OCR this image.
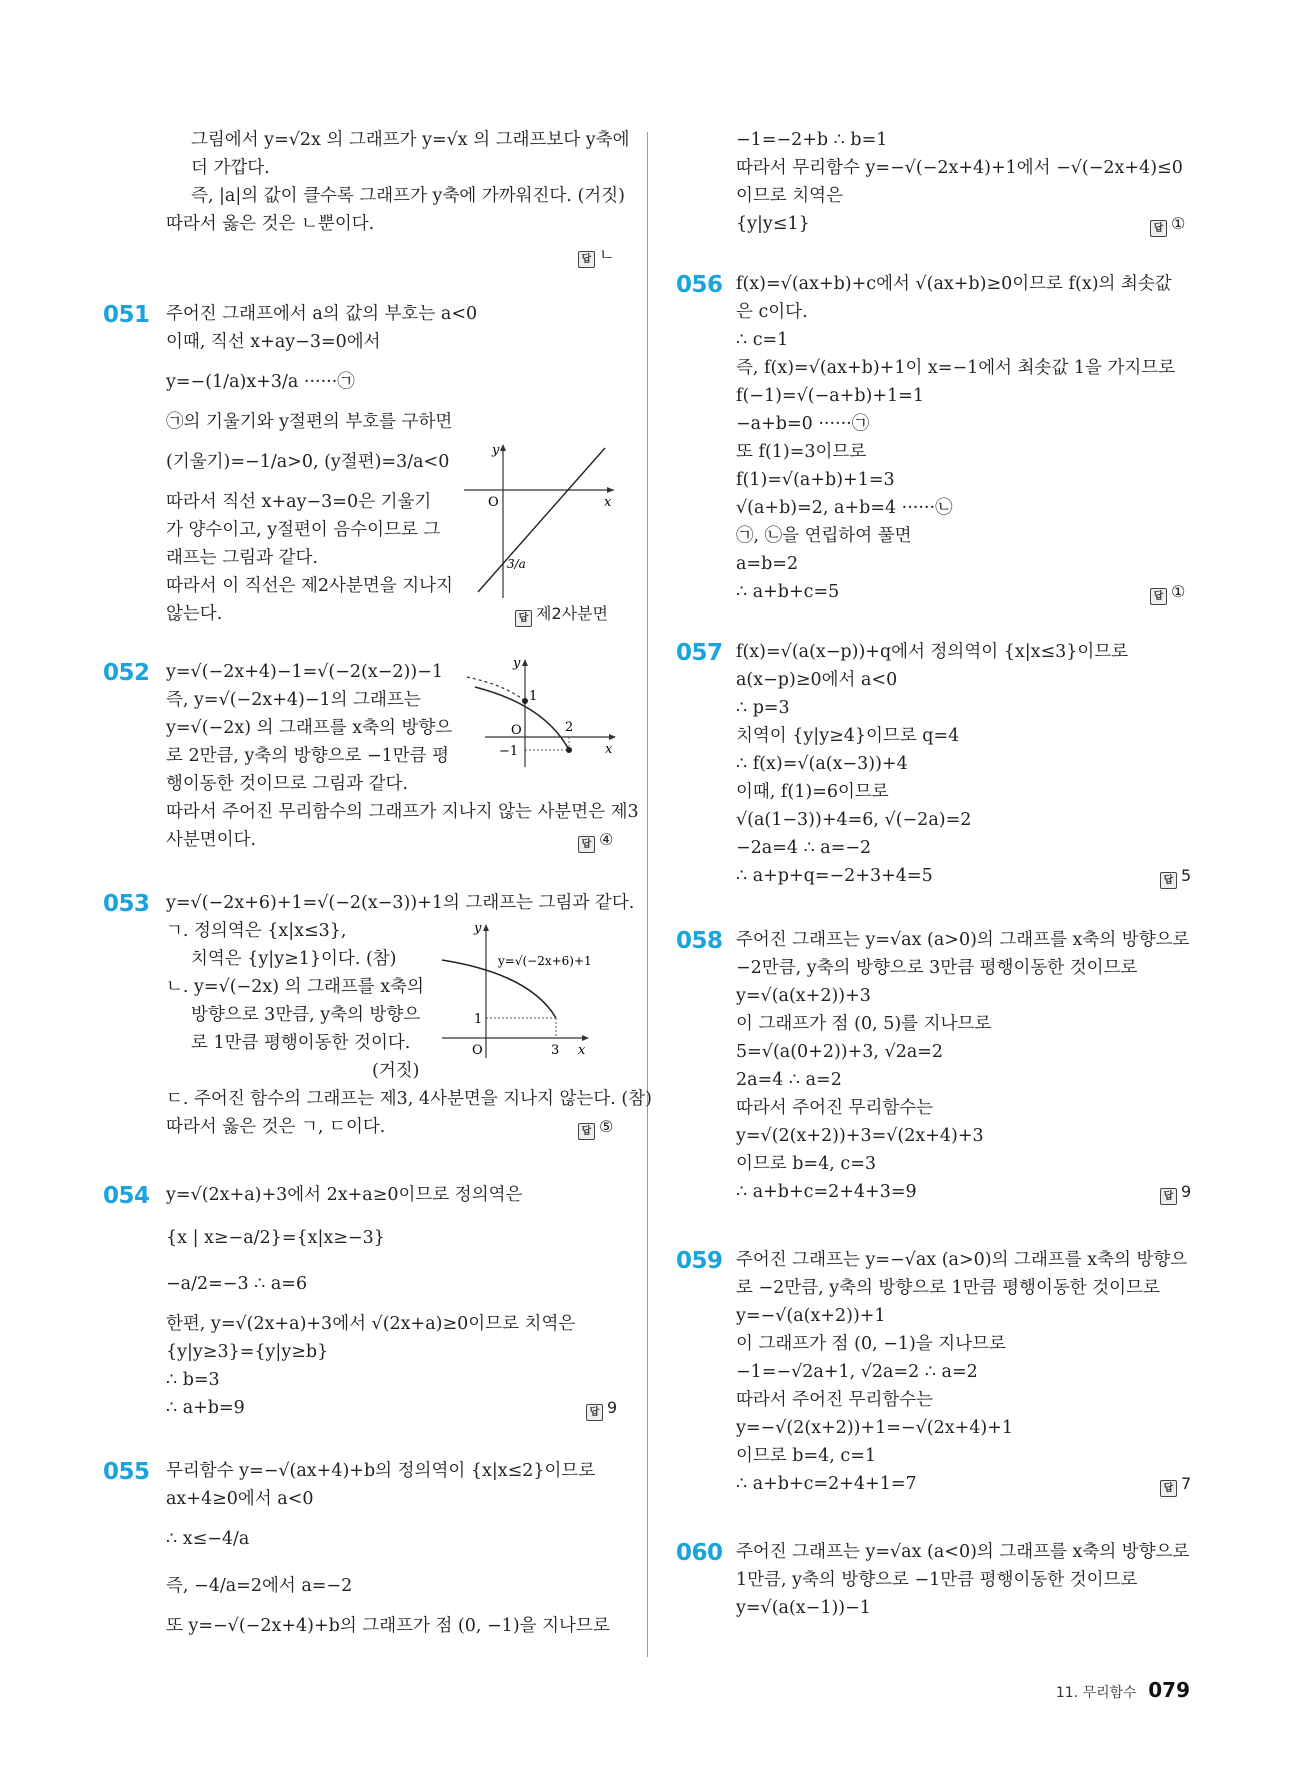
그림에서 y=√2x 의 그래프가 y=√x 의 그래프보다 y축에
더 가깝다.
즉, |a|의 값이 클수록 그래프가 y축에 가까워진다. (거짓)
따라서 옳은 것은 ㄴ뿐이다.
답 ㄴ
051 주어진 그래프에서 a의 값의 부호는 a<0
이때, 직선 x+ay−3=0에서
y=−(1/a)x+3/a ······㉠
㉠의 기울기와 y절편의 부호를 구하면
(기울기)=−1/a>0, (y절편)=3/a<0
따라서 직선 x+ay−3=0은 기울기
가 양수이고, y절편이 음수이므로 그
래프는 그림과 같다.
따라서 이 직선은 제2사분면을 지나지
않는다.	답 제2사분면
y
x
O
3/a
052 y=√(−2x+4)−1=√(−2(x−2))−1
즉, y=√(−2x+4)−1의 그래프는
y=√(−2x) 의 그래프를 x축의 방향으
로 2만큼, y축의 방향으로 −1만큼 평
행이동한 것이므로 그림과 같다.
따라서 주어진 무리함수의 그래프가 지나지 않는 사분면은 제3
사분면이다.	답 ④
y
x
O
1
2
−1
053 y=√(−2x+6)+1=√(−2(x−3))+1의 그래프는 그림과 같다.
ㄱ. 정의역은 {x|x≤3},
치역은 {y|y≥1}이다. (참)
ㄴ. y=√(−2x) 의 그래프를 x축의
방향으로 3만큼, y축의 방향으
로 1만큼 평행이동한 것이다.
(거짓)
ㄷ. 주어진 함수의 그래프는 제3, 4사분면을 지나지 않는다. (참)
따라서 옳은 것은 ㄱ, ㄷ이다.	답 ⑤
y
x
O
1
3
y=√(−2x+6)+1
054 y=√(2x+a)+3에서 2x+a≥0이므로 정의역은
{x | x≥−a/2}={x|x≥−3}
−a/2=−3 ∴ a=6
한편, y=√(2x+a)+3에서 √(2x+a)≥0이므로 치역은
{y|y≥3}={y|y≥b}
∴ b=3
∴ a+b=9	답 9
055 무리함수 y=−√(ax+4)+b의 정의역이 {x|x≤2}이므로
ax+4≥0에서 a<0
∴ x≤−4/a
즉, −4/a=2에서 a=−2
또 y=−√(−2x+4)+b의 그래프가 점 (0, −1)을 지나므로
−1=−2+b ∴ b=1
따라서 무리함수 y=−√(−2x+4)+1에서 −√(−2x+4)≤0
이므로 치역은
{y|y≤1}	답 ①
056 f(x)=√(ax+b)+c에서 √(ax+b)≥0이므로 f(x)의 최솟값
은 c이다.
∴ c=1
즉, f(x)=√(ax+b)+1이 x=−1에서 최솟값 1을 가지므로
f(−1)=√(−a+b)+1=1
−a+b=0 ······㉠
또 f(1)=3이므로
f(1)=√(a+b)+1=3
√(a+b)=2, a+b=4 ······㉡
㉠, ㉡을 연립하여 풀면
a=b=2
∴ a+b+c=5	답 ①
057 f(x)=√(a(x−p))+q에서 정의역이 {x|x≤3}이므로
a(x−p)≥0에서 a<0
∴ p=3
치역이 {y|y≥4}이므로 q=4
∴ f(x)=√(a(x−3))+4
이때, f(1)=6이므로
√(a(1−3))+4=6, √(−2a)=2
−2a=4 ∴ a=−2
∴ a+p+q=−2+3+4=5	답 5
058 주어진 그래프는 y=√ax (a>0)의 그래프를 x축의 방향으로
−2만큼, y축의 방향으로 3만큼 평행이동한 것이므로
y=√(a(x+2))+3
이 그래프가 점 (0, 5)를 지나므로
5=√(a(0+2))+3, √2a=2
2a=4 ∴ a=2
따라서 주어진 무리함수는
y=√(2(x+2))+3=√(2x+4)+3
이므로 b=4, c=3
∴ a+b+c=2+4+3=9	답 9
059 주어진 그래프는 y=−√ax (a>0)의 그래프를 x축의 방향으
로 −2만큼, y축의 방향으로 1만큼 평행이동한 것이므로
y=−√(a(x+2))+1
이 그래프가 점 (0, −1)을 지나므로
−1=−√2a+1, √2a=2 ∴ a=2
따라서 주어진 무리함수는
y=−√(2(x+2))+1=−√(2x+4)+1
이므로 b=4, c=1
∴ a+b+c=2+4+1=7	답 7
060 주어진 그래프는 y=√ax (a<0)의 그래프를 x축의 방향으로
1만큼, y축의 방향으로 −1만큼 평행이동한 것이므로
y=√(a(x−1))−1
11. 무리함수 079
